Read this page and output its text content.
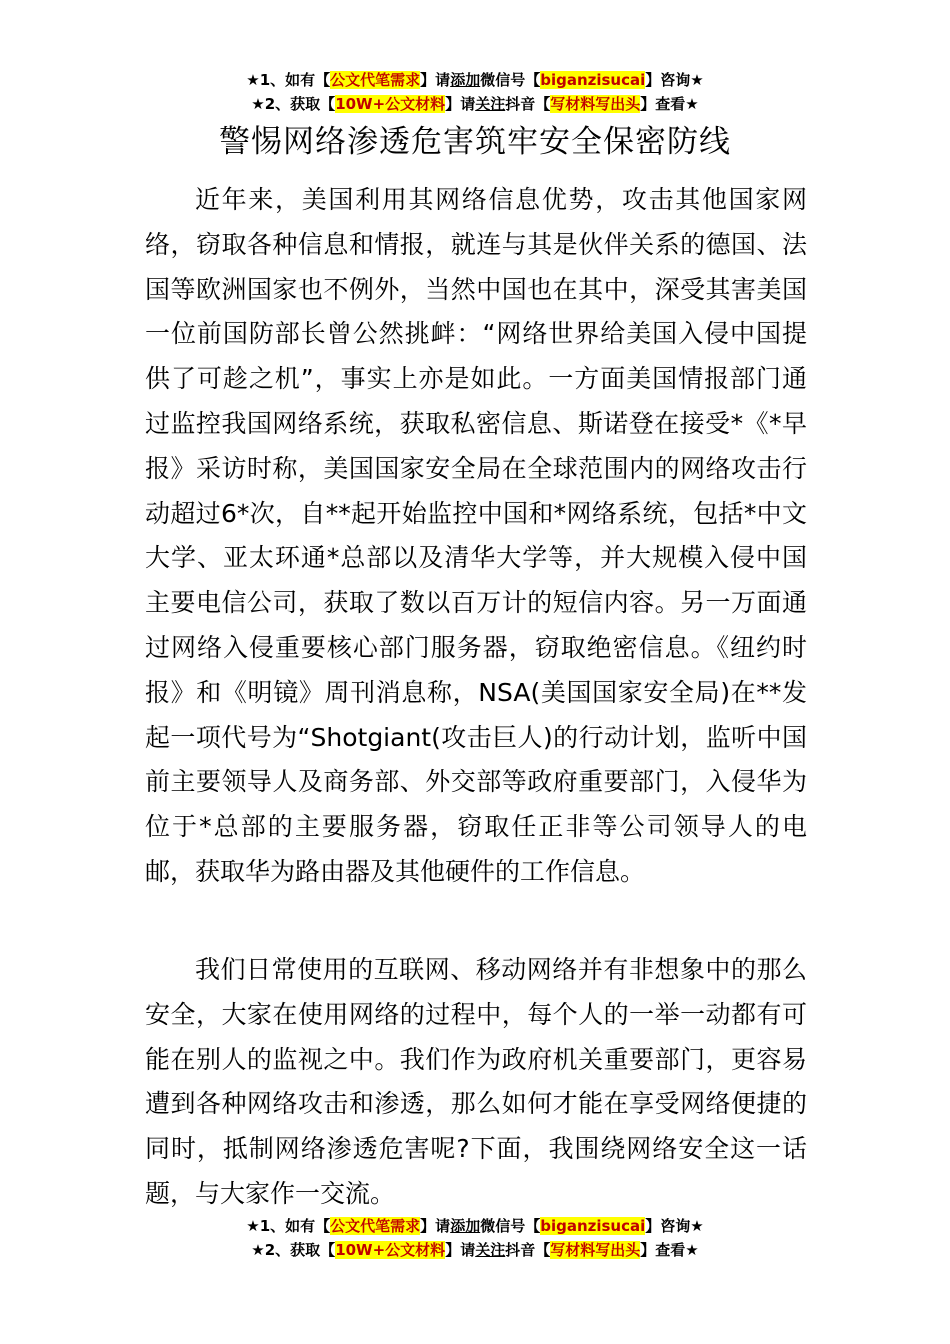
★1、如有【公文代笔需求】请添加微信号【biganzisucai】咨询★
★2、获取【10W+公文材料】请关注抖音【写材料写出头】查看★
警惕网络渗透危害筑牢安全保密防线

近年来，美国利用其网络信息优势，攻击其他国家网络，窃取各种信息和情报，就连与其是伙伴关系的德国、法国等欧洲国家也不例外，当然中国也在其中，深受其害美国一位前国防部长曾公然挑衅：“网络世界给美国入侵中国提供了可趁之机”，事实上亦是如此。一方面美国情报部门通过监控我国网络系统，获取私密信息、斯诺登在接受*《*早报》采访时称，美国国家安全局在全球范围内的网络攻击行动超过6*次，自**起开始监控中国和*网络系统，包括*中文大学、亚太环通*总部以及清华大学等，并大规模入侵中国主要电信公司，获取了数以百万计的短信内容。另一万面通过网络入侵重要核心部门服务器，窃取绝密信息。《纽约时报》和《明镜》周刊消息称，NSA(美国国家安全局)在**发起一项代号为“Shotgiant(攻击巨人)的行动计划，监听中国前主要领导人及商务部、外交部等政府重要部门，入侵华为位于*总部的主要服务器，窃取任正非等公司领导人的电邮，获取华为路由器及其他硬件的工作信息。

我们日常使用的互联网、移动网络并有非想象中的那么安全，大家在使用网络的过程中，每个人的一举一动都有可能在别人的监视之中。我们作为政府机关重要部门，更容易遭到各种网络攻击和渗透，那么如何才能在享受网络便捷的同时，抵制网络渗透危害呢?下面，我围绕网络安全这一话题，与大家作一交流。

★1、如有【公文代笔需求】请添加微信号【biganzisucai】咨询★
★2、获取【10W+公文材料】请关注抖音【写材料写出头】查看★
